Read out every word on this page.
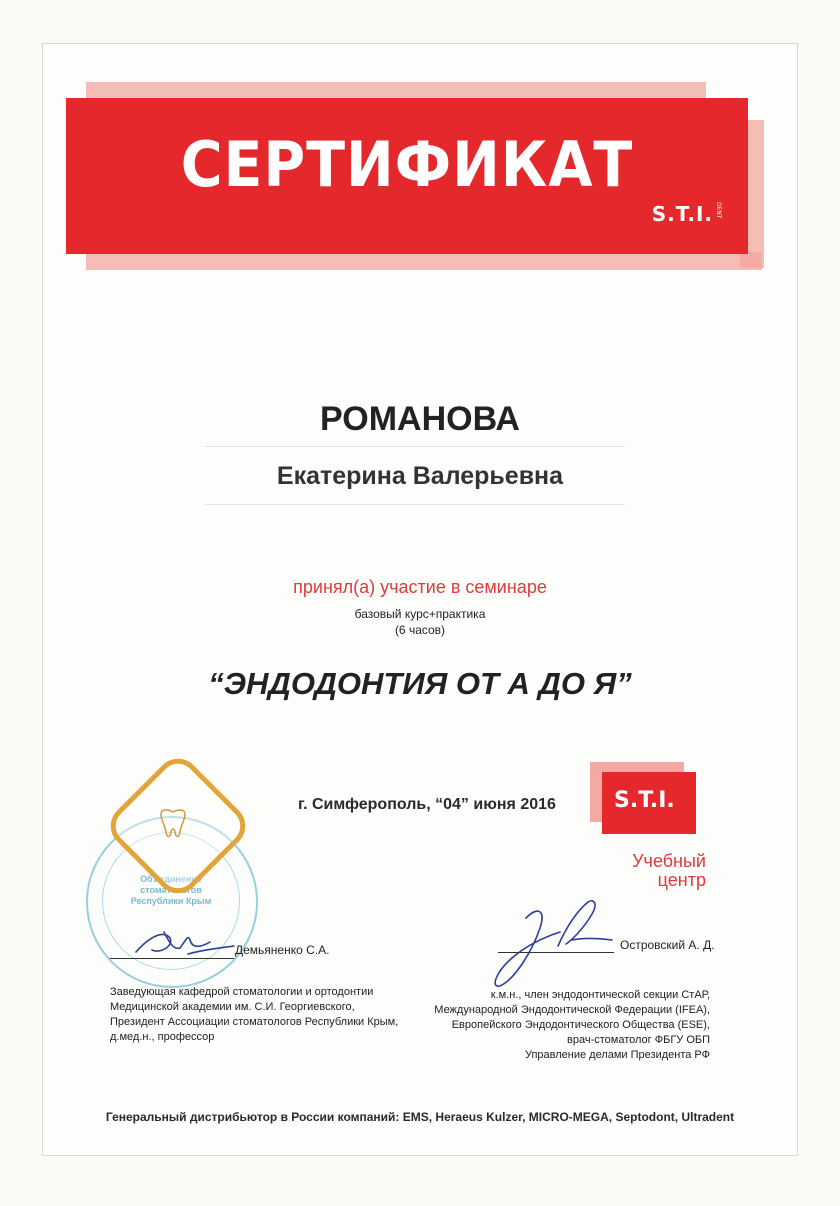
СЕРТИФИКАТ
S.T.I. $^{DENT}$
РОМАНОВА
Екатерина Валерьевна
принял(а) участие в семинаре
базовый курс+практика
(6 часов)
“ЭНДОДОНТИЯ ОТ А ДО Я”
г. Симферополь, “04” июня 2016	S.T.I.
Учебный
центр
Объединение
стоматологов
Республики Крым
Демьяненко С.А.	Островский А. Д.
Заведующая кафедрой стоматологии и ортодонтии
Медицинской академии им. С.И. Георгиевского,
Президент Ассоциации стоматологов Республики Крым,
д.мед.н., профессор
к.м.н., член эндодонтической секции СтАР,
Международной Эндодонтической Федерации (IFEA),
Европейского Эндодонтического Общества (ESE),
врач-стоматолог ФБГУ ОБП
Управление делами Президента РФ
Генеральный дистрибьютор в России компаний: EMS, Heraeus Kulzer, MICRO-MEGA, Septodont, Ultradent
